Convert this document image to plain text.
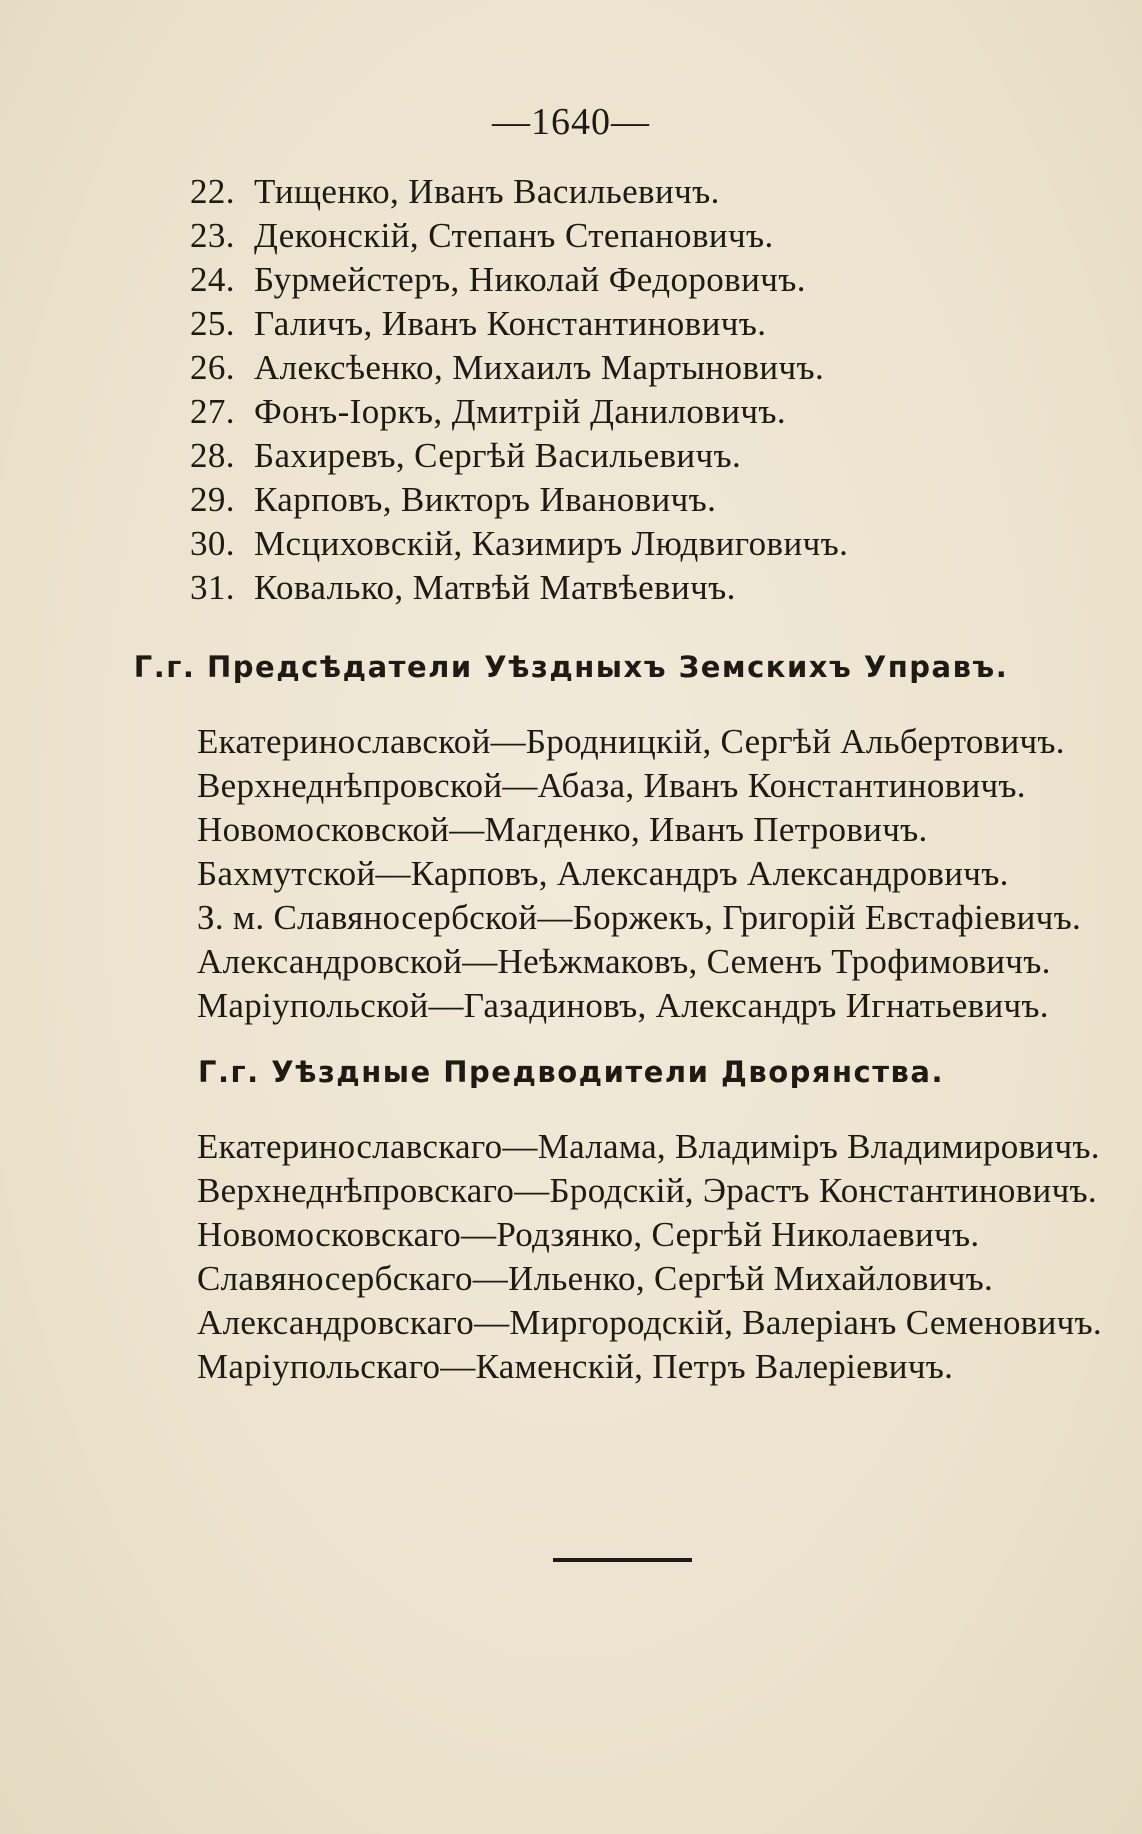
—1640—
22. Тищенко, Иванъ Васильевичъ.
23. Деконскій, Степанъ Степановичъ.
24. Бурмейстеръ, Николай Федоровичъ.
25. Галичъ, Иванъ Константиновичъ.
26. Алексѣенко, Михаилъ Мартыновичъ.
27. Фонъ-Іоркъ, Дмитрій Даниловичъ.
28. Бахиревъ, Сергѣй Васильевичъ.
29. Карповъ, Викторъ Ивановичъ.
30. Мсциховскій, Казимиръ Людвиговичъ.
31. Ковалько, Матвѣй Матвѣевичъ.
Г.г. Предсѣдатели Уѣздныхъ Земскихъ Управъ.
Екатеринославской—Бродницкій, Сергѣй Альбертовичъ.
Верхнеднѣпровской—Абаза, Иванъ Константиновичъ.
Новомосковской—Магденко, Иванъ Петровичъ.
Бахмутской—Карповъ, Александръ Александровичъ.
З. м. Славяносербской—Боржекъ, Григорій Евстафіевичъ.
Александровской—Неѣжмаковъ, Семенъ Трофимовичъ.
Маріупольской—Газадиновъ, Александръ Игнатьевичъ.
Г.г. Уѣздные Предводители Дворянства.
Екатеринославскаго—Малама, Владиміръ Владимировичъ.
Верхнеднѣпровскаго—Бродскій, Эрастъ Константиновичъ.
Новомосковскаго—Родзянко, Сергѣй Николаевичъ.
Славяносербскаго—Ильенко, Сергѣй Михайловичъ.
Александровскаго—Миргородскій, Валеріанъ Семеновичъ.
Маріупольскаго—Каменскій, Петръ Валеріевичъ.
